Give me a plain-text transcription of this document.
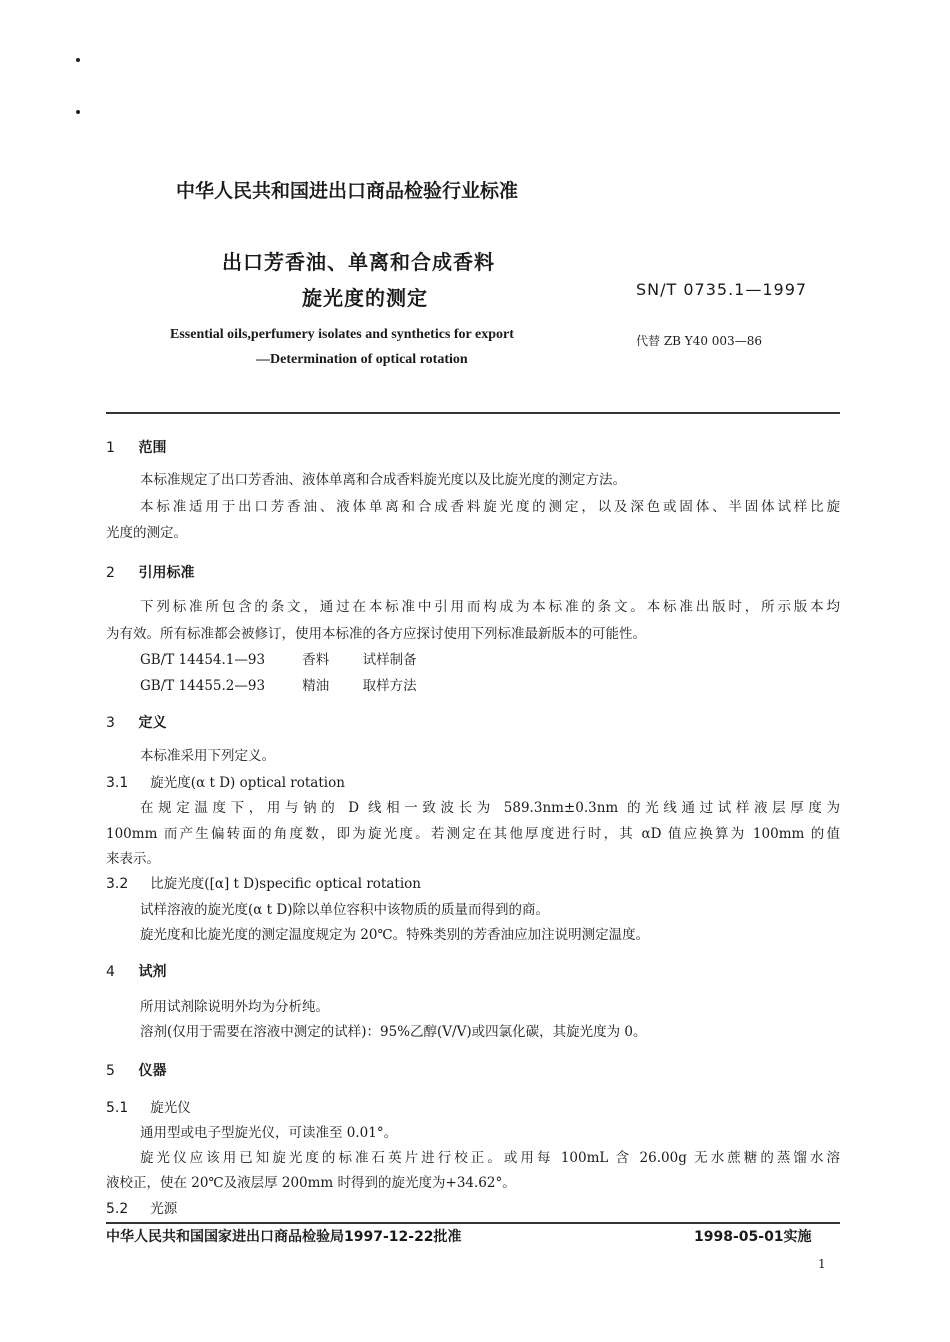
中华人民共和国进出口商品检验行业标准
出口芳香油、单离和合成香料
旋光度的测定	SN/T 0735.1—1997
Essential oils,perfumery isolates and synthetics for export
—Determination of optical rotation
代替 ZB Y40 003—86
1 范围
本标准规定了出口芳香油、液体单离和合成香料旋光度以及比旋光度的测定方法。
本标准适用于出口芳香油、液体单离和合成香料旋光度的测定，以及深色或固体、半固体试样比旋
光度的测定。
2 引用标准
下列标准所包含的条文，通过在本标准中引用而构成为本标准的条文。本标准出版时，所示版本均
为有效。所有标准都会被修订，使用本标准的各方应探讨使用下列标准最新版本的可能性。
GB/T 14454.1—93	香料 试样制备
GB/T 14455.2—93	精油 取样方法
3 定义
本标准采用下列定义。
3.1 旋光度(α t D) optical rotation
在规定温度下，用与钠的 D 线相一致波长为 589.3nm±0.3nm 的光线通过试样液层厚度为
100mm 而产生偏转面的角度数，即为旋光度。若测定在其他厚度进行时，其 αD 值应换算为 100mm 的值
来表示。
3.2 比旋光度([α] t D)specific optical rotation
试样溶液的旋光度(α t D)除以单位容积中该物质的质量而得到的商。
旋光度和比旋光度的测定温度规定为 20℃。特殊类别的芳香油应加注说明测定温度。
4 试剂
所用试剂除说明外均为分析纯。
溶剂(仅用于需要在溶液中测定的试样)：95%乙醇(V/V)或四氯化碳，其旋光度为 0。
5 仪器
5.1 旋光仪
通用型或电子型旋光仪，可读准至 0.01°。
旋光仪应该用已知旋光度的标准石英片进行校正。或用每 100mL 含 26.00g 无水蔗糖的蒸馏水溶
液校正，使在 20℃及液层厚 200mm 时得到的旋光度为+34.62°。
5.2 光源
中华人民共和国国家进出口商品检验局1997-12-22批准	1998-05-01实施
1
